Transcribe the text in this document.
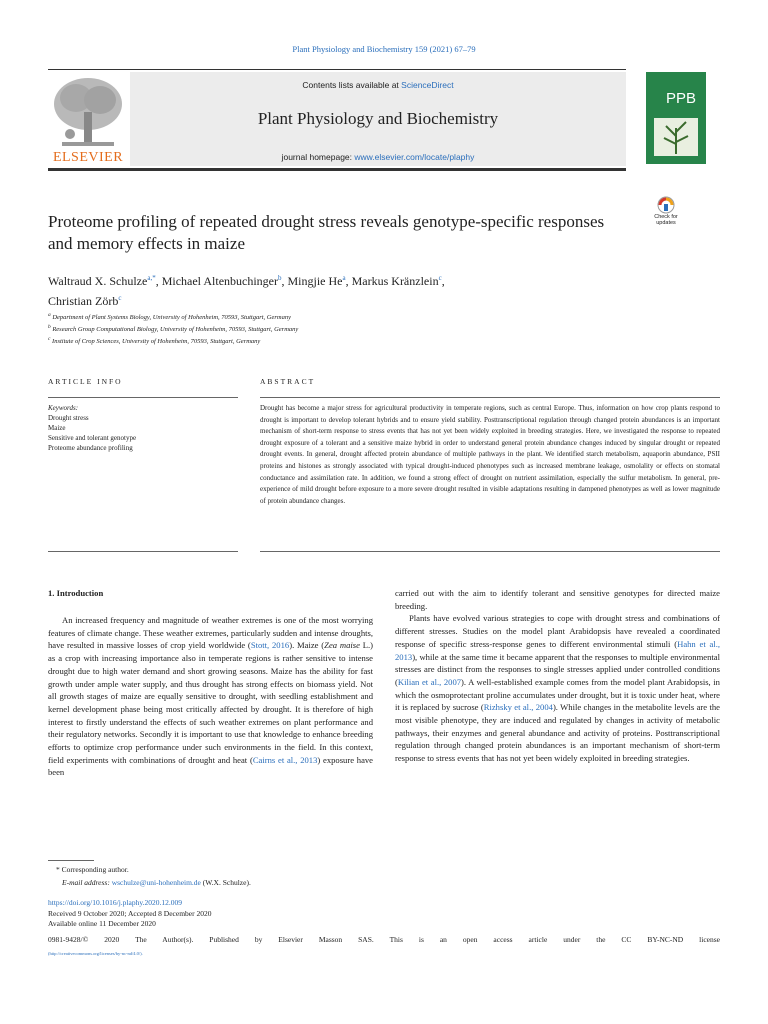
Plant Physiology and Biochemistry 159 (2021) 67–79
ELSEVIER
Contents lists available at ScienceDirect
Plant Physiology and Biochemistry
journal homepage: www.elsevier.com/locate/plaphy
PPB
Proteome profiling of repeated drought stress reveals genotype-specific responses and memory effects in maize
Check for updates
Waltraud X. Schulze$^{a,*}$, Michael Altenbuchinger$^b$, Mingjie He$^a$, Markus Kränzlein$^c$,
Christian Zörb$^c$
$^a$ Department of Plant Systems Biology, University of Hohenheim, 70593, Stuttgart, Germany
$^b$ Research Group Computational Biology, University of Hohenheim, 70593, Stuttgart, Germany
$^c$ Institute of Crop Sciences, University of Hohenheim, 70593, Stuttgart, Germany
ARTICLE INFO	ABSTRACT
Keywords:
Drought stress
Maize
Sensitive and tolerant genotype
Proteome abundance profiling
Drought has become a major stress for agricultural productivity in temperate regions, such as central Europe. Thus, information on how crop plants respond to drought is important to develop tolerant hybrids and to ensure yield stability. Posttranscriptional regulation through changed protein abundances is an important mechanism of short-term response to stress events that has not yet been widely exploited in breeding strategies. Here, we investigated the response to repeated drought exposure of a tolerant and a sensitive maize hybrid in order to understand general protein abundance changes induced by singular drought or repeated drought events. In general, drought affected protein abundance of multiple pathways in the plant. We identified starch metabolism, aquaporin abundance, PSII proteins and histones as strongly associated with typical drought-induced phenotypes such as increased membrane leakage, osmolality or effects on stomatal conductance and assimilation rate. In addition, we found a strong effect of drought on nutrient assimilation, especially the sulfur metabolism. In general, pre-experience of mild drought before exposure to a more severe drought resulted in visible adaptations resulting in dampened phenotypes as well as lower magnitude of protein abundance changes.
1. Introduction

An increased frequency and magnitude of weather extremes is one of the most worrying features of climate change. These weather extremes, particularly sudden and intense droughts, have resulted in massive losses of crop yield worldwide (Stott, 2016). Maize (Zea maise L.) as a crop with increasing importance also in temperate regions is rather sensitive to intense drought due to high water demand and short growing seasons. Maize has the ability for fast growth under ample water supply, and thus drought has strong effects on biomass yield. Not all growth stages of maize are equally sensitive to drought, with seedling establishment and kernel development phase being most critically affected by drought. It is therefore of high interest to firstly understand the effects of such weather extremes on plant performance and their regulatory networks. Secondly it is important to use that knowledge to enhance breeding efforts to optimize crop performance under such environments in the field. In this context, field experiments with combinations of drought and heat (Cairns et al., 2013) exposure have been

carried out with the aim to identify tolerant and sensitive genotypes for directed maize breeding.

Plants have evolved various strategies to cope with drought stress and combinations of different stresses. Studies on the model plant Arabidopsis have revealed a coordinated response of specific stress-response genes to different environmental stimuli (Hahn et al., 2013), while at the same time it became apparent that the responses to multiple environmental stresses are distinct from the responses to single stresses applied under controlled conditions (Kilian et al., 2007). A well-established example comes from the model plant Arabidopsis, in which the osmoprotectant proline accumulates under drought, but it is toxic under heat, where it is replaced by sucrose (Rizhsky et al., 2004). While changes in the metabolite levels are the most visible phenotype, they are induced and regulated by changes in activity of metabolic pathways, their enzymes and general abundance and activity of proteins. Posttranscriptional regulation through changed protein abundances is an important mechanism of short-term response to stress events that has not yet been widely exploited in breeding strategies.

* Corresponding author.
E-mail address: wschulze@uni-hohenheim.de (W.X. Schulze).
https://doi.org/10.1016/j.plaphy.2020.12.009
Received 9 October 2020; Accepted 8 December 2020
Available online 11 December 2020
0981-9428/© 2020 The Author(s). Published by Elsevier Masson SAS. This is an open access article under the CC BY-NC-ND license
(http://creativecommons.org/licenses/by-nc-nd/4.0/).
